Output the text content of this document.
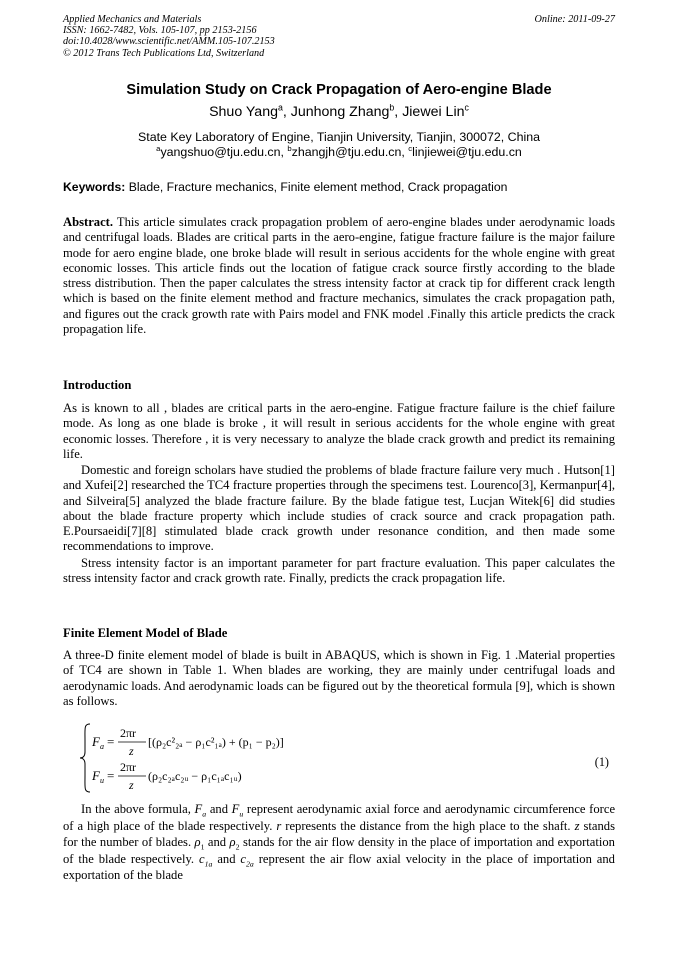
Applied Mechanics and Materials
ISSN: 1662-7482, Vols. 105-107, pp 2153-2156
doi:10.4028/www.scientific.net/AMM.105-107.2153
© 2012 Trans Tech Publications Ltd, Switzerland
Online: 2011-09-27
Simulation Study on Crack Propagation of Aero-engine Blade
Shuo Yang$^a$, Junhong Zhang$^b$, Jiewei Lin$^c$
State Key Laboratory of Engine, Tianjin University, Tianjin, 300072, China
$^a$yangshuo@tju.edu.cn, $^b$zhangjh@tju.edu.cn, $^c$linjiewei@tju.edu.cn
Keywords: Blade, Fracture mechanics, Finite element method, Crack propagation
Abstract. This article simulates crack propagation problem of aero-engine blades under aerodynamic loads and centrifugal loads. Blades are critical parts in the aero-engine, fatigue fracture failure is the major failure mode for aero engine blade, one broke blade will result in serious accidents for the whole engine with great economic losses. This article finds out the location of fatigue crack source firstly according to the blade stress distribution. Then the paper calculates the stress intensity factor at crack tip for different crack length which is based on the finite element method and fracture mechanics, simulates the crack propagation path, and figures out the crack growth rate with Pairs model and FNK model .Finally this article predicts the crack propagation life.
Introduction
As is known to all , blades are critical parts in the aero-engine. Fatigue fracture failure is the chief failure mode. As long as one blade is broke , it will result in serious accidents for the whole engine with great economic losses. Therefore , it is very necessary to analyze the blade crack growth and predict its remaining life.
Domestic and foreign scholars have studied the problems of blade fracture failure very much . Hutson[1] and Xufei[2] researched the TC4 fracture properties through the specimens test. Lourenco[3], Kermanpur[4], and Silveira[5] analyzed the blade fracture failure. By the blade fatigue test, Lucjan Witek[6] did studies about the blade fracture property which include studies of crack source and crack propagation path. E.Poursaeidi[7][8] stimulated blade crack growth under resonance condition, and then made some recommendations to improve.
Stress intensity factor is an important parameter for part fracture evaluation. This paper calculates the stress intensity factor and crack growth rate. Finally, predicts the crack propagation life.
Finite Element Model of Blade
A three-D finite element model of blade is built in ABAQUS, which is shown in Fig. 1 .Material properties of TC4 are shown in Table 1. When blades are working, they are mainly under centrifugal loads and aerodynamic loads. And aerodynamic loads can be figured out by the theoretical formula [9], which is shown as follows.
F a =
2πr
z
[(ρ₂c²₂ₐ − ρ₁c²₁ₐ) + (p₁ − p₂)]
F u =
2πr
z
(ρ₂c₂ₐc₂ᵤ − ρ₁c₁ₐc₁ᵤ)
(1)
In the above formula, $F_a$ and $F_u$ represent aerodynamic axial force and aerodynamic circumference force of a high place of the blade respectively. r represents the distance from the high place to the shaft. z stands for the number of blades. $\rho_1$ and $\rho_2$ stands for the air flow density in the place of importation and exportation of the blade respectively. $c_{1a}$ and $c_{2a}$ represent the air flow axial velocity in the place of importation and exportation of the blade
